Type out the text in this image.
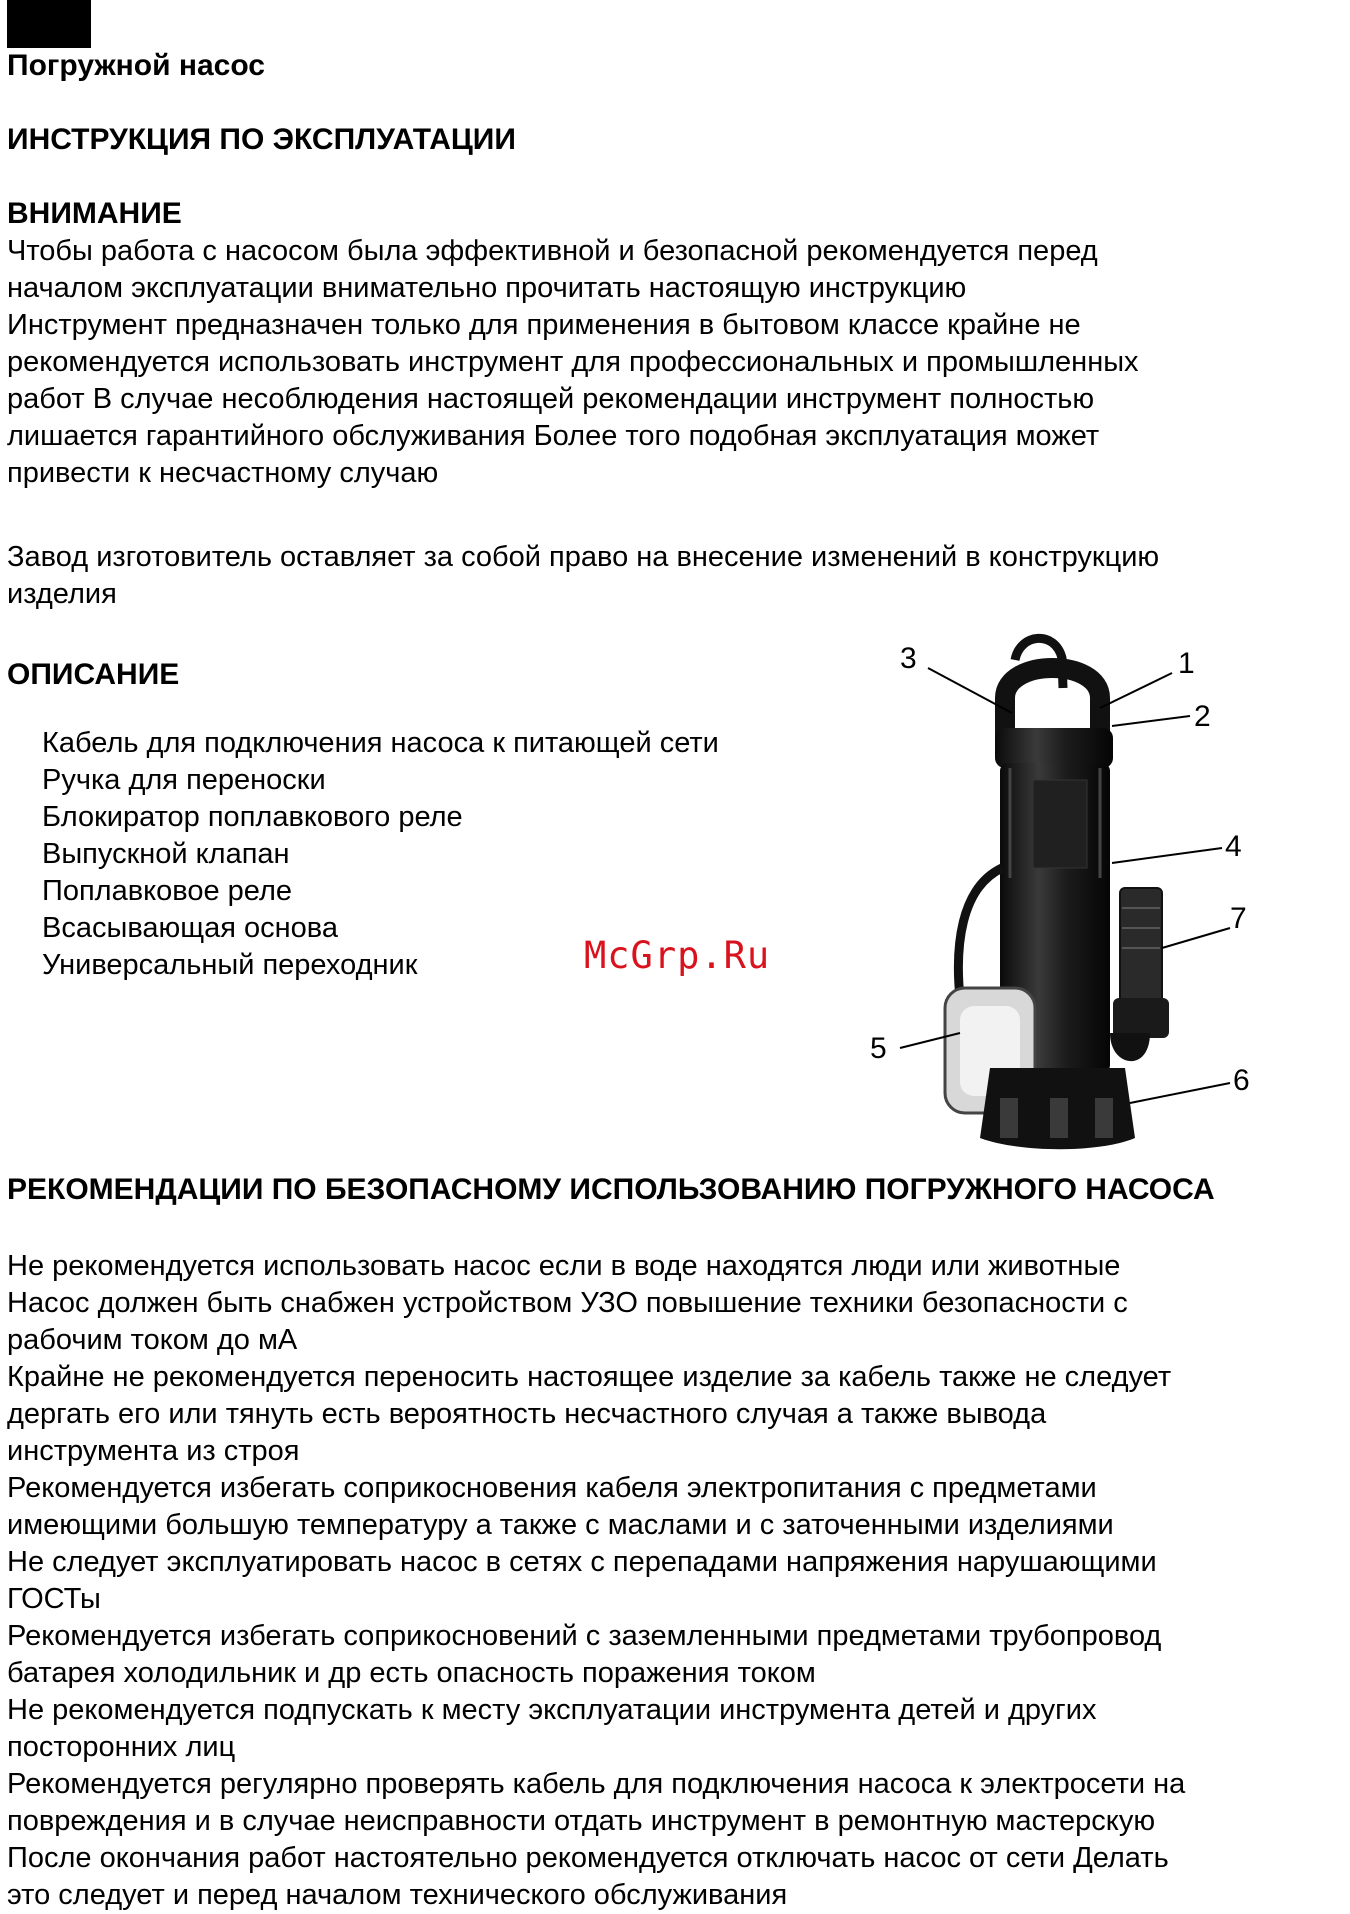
Погружной насос
ИНСТРУКЦИЯ ПО ЭКСПЛУАТАЦИИ
ВНИМАНИЕ
Чтобы работа с насосом была эффективной и безопасной рекомендуется перед
началом эксплуатации внимательно прочитать настоящую инструкцию
Инструмент предназначен только для применения в бытовом классе крайне не
рекомендуется использовать инструмент для профессиональных и промышленных
работ В случае несоблюдения настоящей рекомендации инструмент полностью
лишается гарантийного обслуживания Более того подобная эксплуатация может
привести к несчастному случаю
Завод изготовитель оставляет за собой право на внесение изменений в конструкцию
изделия
ОПИСАНИЕ
Кабель для подключения насоса к питающей сети
Ручка для переноски
Блокиратор поплавкового реле
Выпускной клапан
Поплавковое реле
Всасывающая основа
Универсальный переходник	McGrp.Ru
1
2
3
4
5
6
7
РЕКОМЕНДАЦИИ ПО БЕЗОПАСНОМУ ИСПОЛЬЗОВАНИЮ ПОГРУЖНОГО НАСОСА
Не рекомендуется использовать насос если в воде находятся люди или животные
Насос должен быть снабжен устройством УЗО повышение техники безопасности с
рабочим током до мА
Крайне не рекомендуется переносить настоящее изделие за кабель также не следует
дергать его или тянуть есть вероятность несчастного случая а также вывода
инструмента из строя
Рекомендуется избегать соприкосновения кабеля электропитания с предметами
имеющими большую температуру а также с маслами и с заточенными изделиями
Не следует эксплуатировать насос в сетях с перепадами напряжения нарушающими
ГОСТы
Рекомендуется избегать соприкосновений с заземленными предметами трубопровод
батарея холодильник и др есть опасность поражения током
Не рекомендуется подпускать к месту эксплуатации инструмента детей и других
посторонних лиц
Рекомендуется регулярно проверять кабель для подключения насоса к электросети на
повреждения и в случае неисправности отдать инструмент в ремонтную мастерскую
После окончания работ настоятельно рекомендуется отключать насос от сети Делать
это следует и перед началом технического обслуживания
